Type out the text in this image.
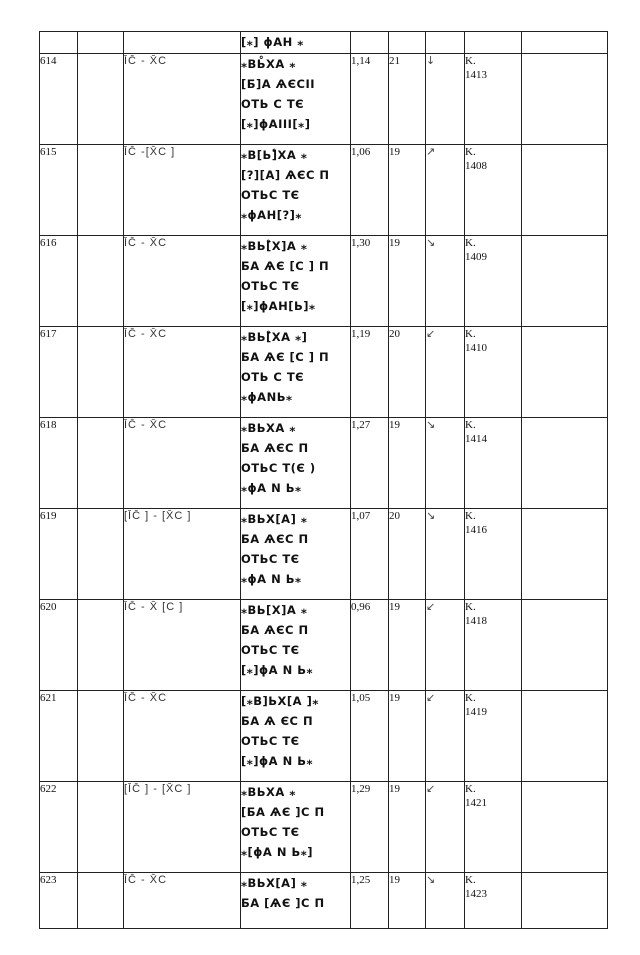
			[⁎] ɸАН ⁎					

614		ĪC̄ - X̄C	⁎BЬ̊XA ⁎
[Б]А ѦЄСIІ
ОТЬ С ТЄ
[⁎]ɸАIІІ[⁎]	1,14	21	↓	K.
1413	
615		ĪC̄ -[X̄C ]	⁎B[Ь]̊XА ⁎
[?][А] ѦЄС П
ОТЬС ТЄ
⁎ɸАН[?]⁎	1,06	19	↗	K.
1408	
616		ĪC̄ - X̄C	⁎BЬ[̊X]А ⁎
БА ѦЄ [С ] П
ОТЬС ТЄ
[⁎]ɸАН[Ь]⁎	1,30	19	↘	K.
1409	
617		ĪC̄ - X̄C	⁎BЬ[̊XА ⁎]
БА ѦЄ [С ] П
ОТЬ С ТЄ
⁎ɸАNЬ⁎	1,19	20	↙	K.
1410	
618		ĪC̄ - X̄C	⁎BЬXА ⁎
БА ѦЄС П
ОТЬС Т(Є )
⁎ɸА N Ь⁎	1,27	19	↘	K.
1414	
619		[ĪC̄ ] - [X̄C ]	⁎BЬX[А] ⁎
БА ѦЄС П
ОТЬС ТЄ
⁎ɸА N Ь⁎	1,07	20	↘	K.
1416	
620		ĪC̄ - X̄ [C ]	⁎BЬ[X]А ⁎
БА ѦЄС П
ОТЬС ТЄ
[⁎]ɸА N Ь⁎	0,96	19	↙	K.
1418	
621		ĪC̄ - X̄C	[⁎B]ЬX[А ]⁎
БА Ѧ ЄС П
ОТЬС ТЄ
[⁎]ɸА N Ь⁎	1,05	19	↙	K.
1419	
622		[ĪC̄ ] - [X̄C ]	⁎BЬXА ⁎
[БА ѦЄ ]С П
ОТЬС ТЄ
⁎[ɸА N Ь⁎]	1,29	19	↙	K.
1421	
623		ĪC̄ - X̄C	⁎BЬX[А] ⁎
БА [ѦЄ ]С П	1,25	19	↘	K.
1423	
